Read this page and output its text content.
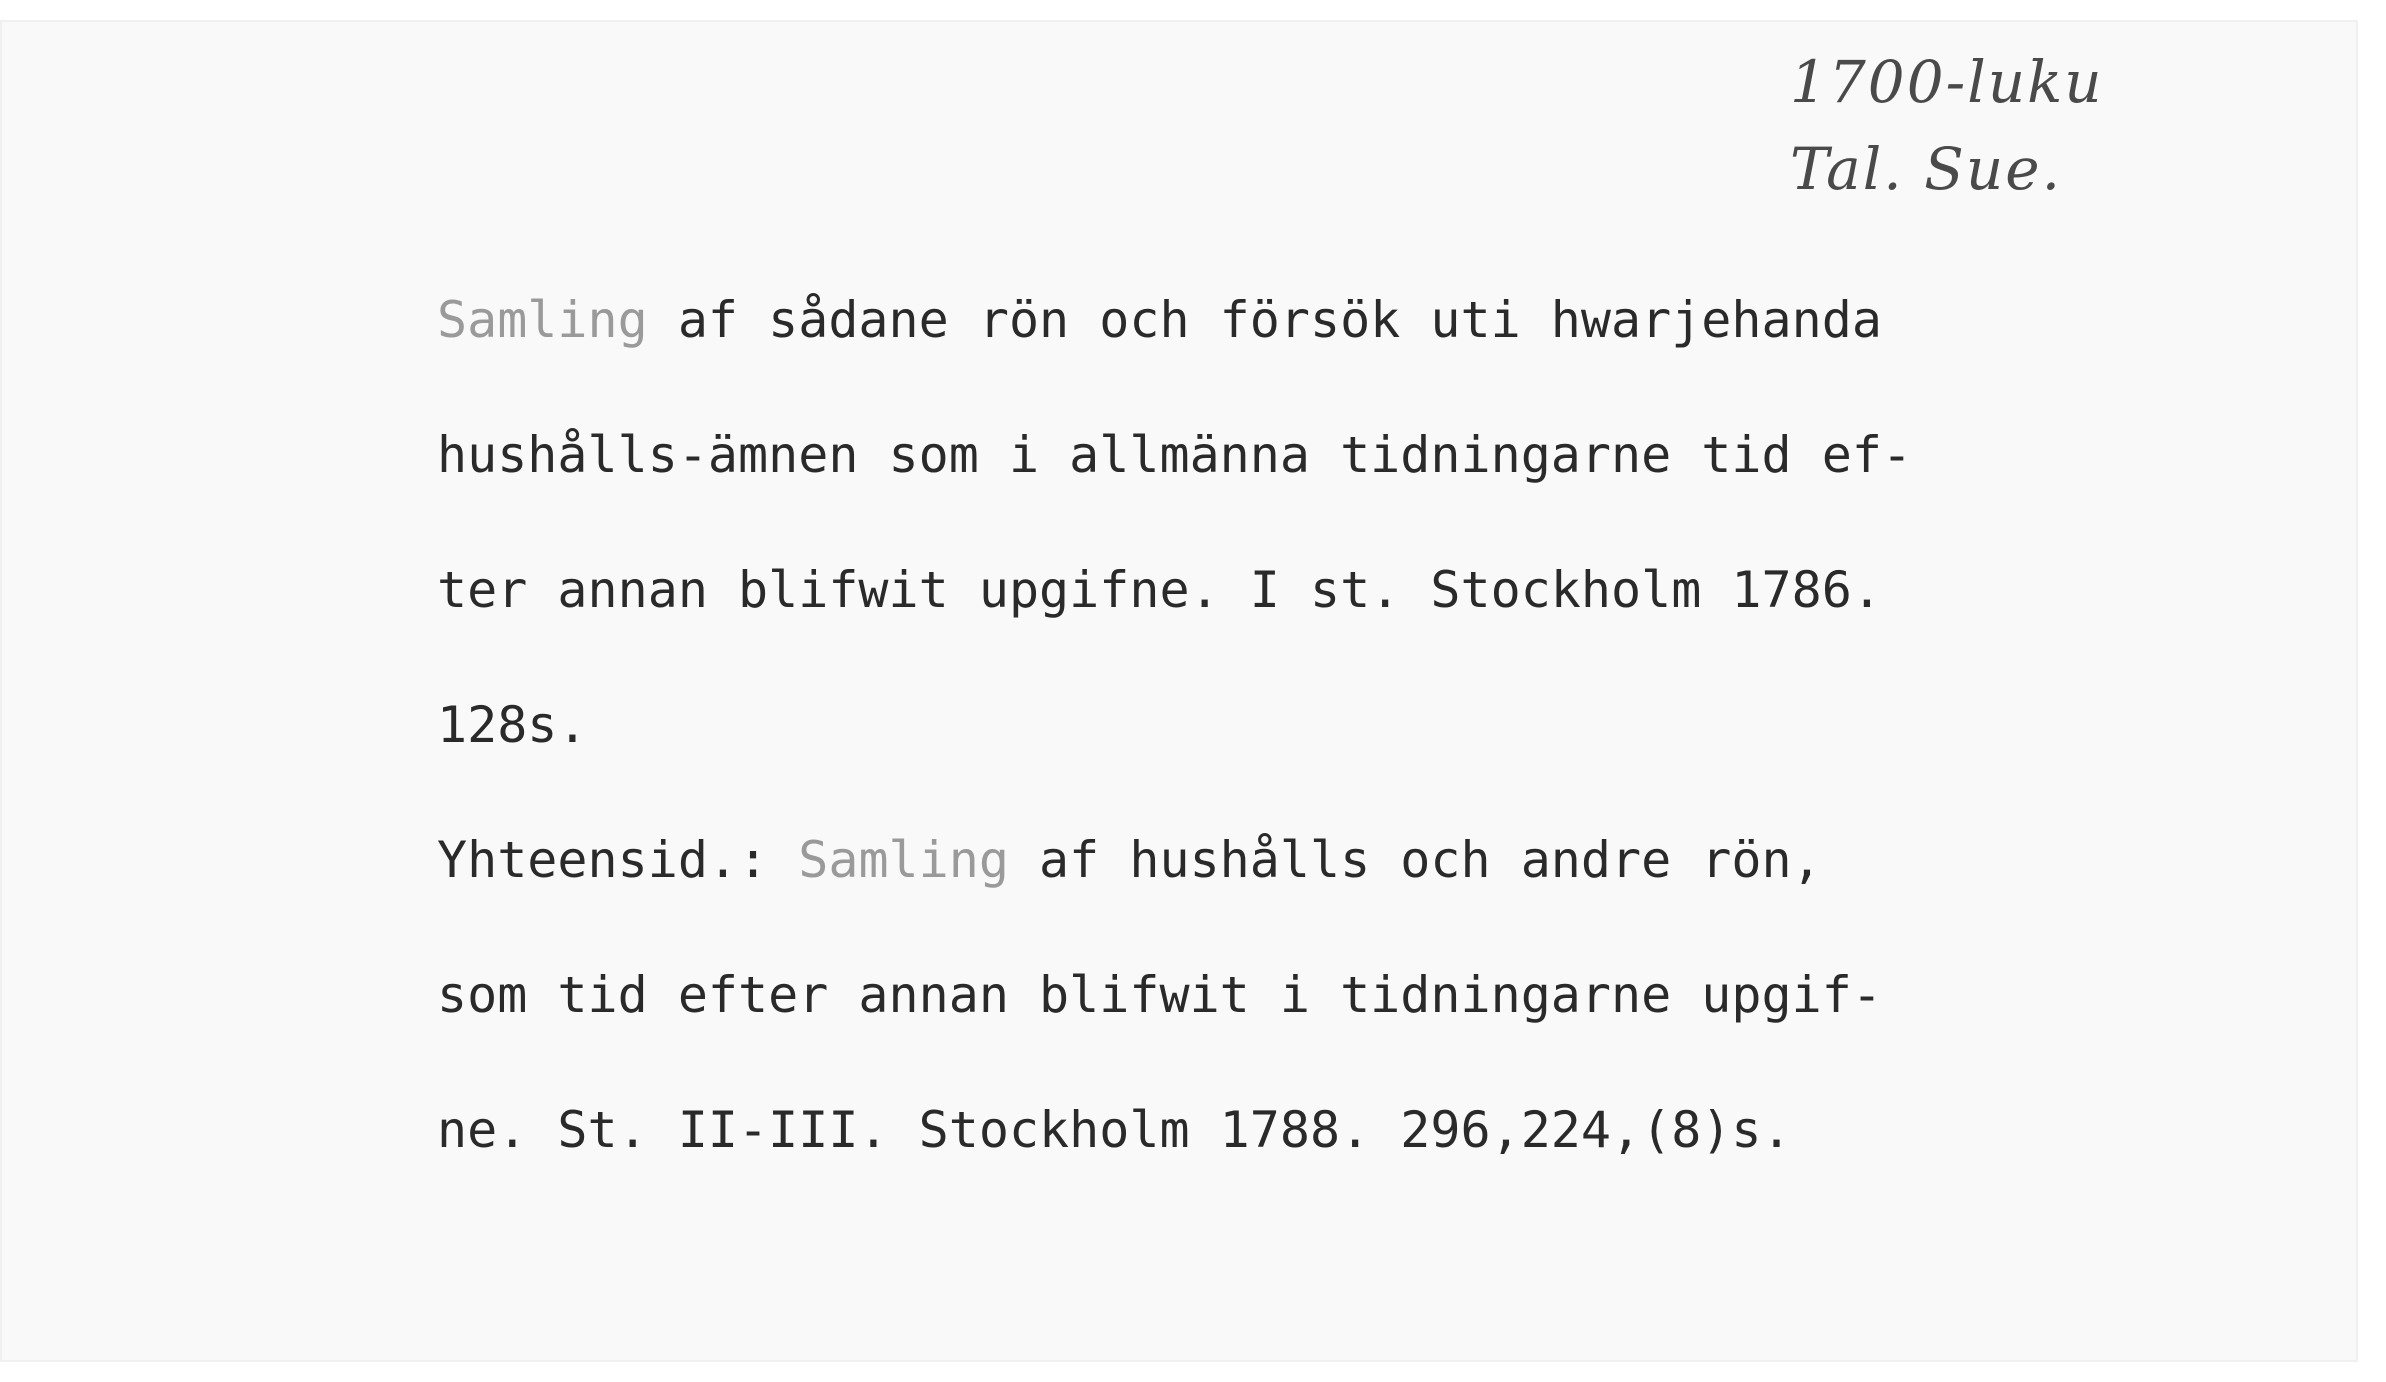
1700-luku
Tal. Sue.
Samling af sådane rön och försök uti hwarjehanda
hushålls-ämnen som i allmänna tidningarne tid ef-
ter annan blifwit upgifne. I st. Stockholm 1786.
128s.
Yhteensid.: Samling af hushålls och andre rön,
som tid efter annan blifwit i tidningarne upgif-
ne. St. II-III. Stockholm 1788. 296,224,(8)s.
